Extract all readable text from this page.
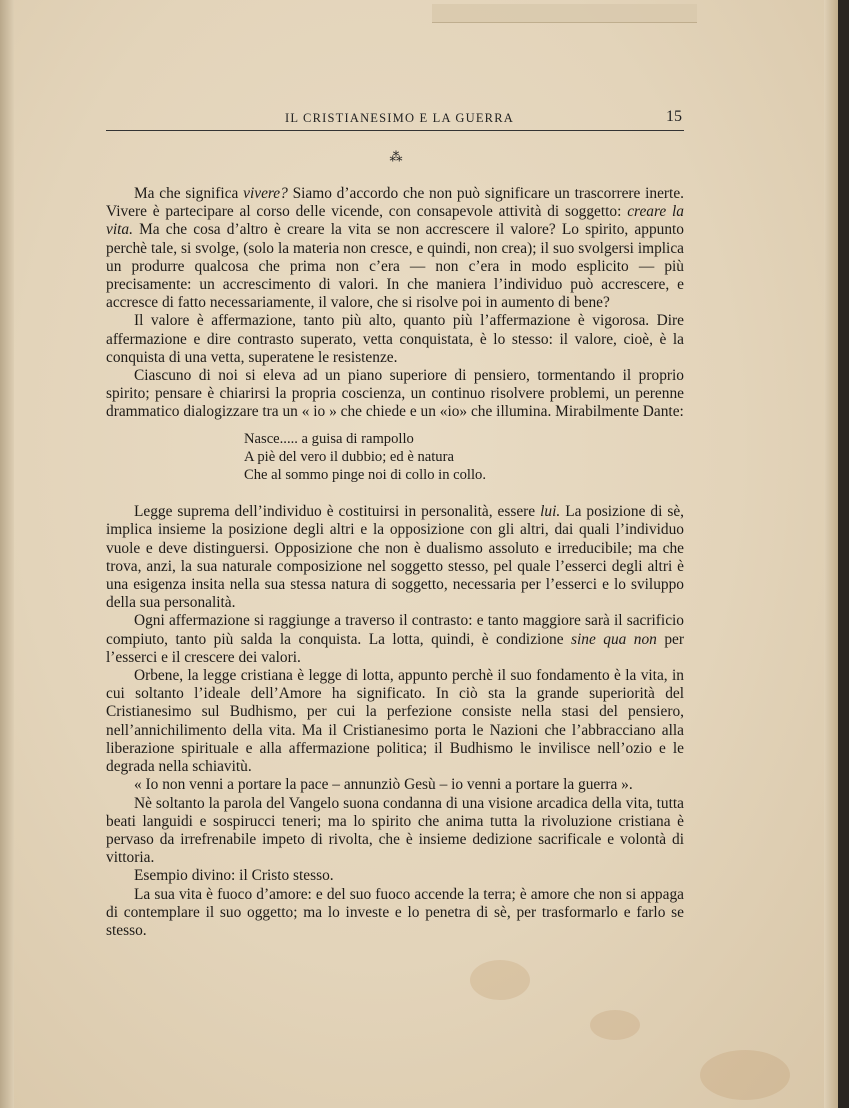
IL CRISTIANESIMO E LA GUERRA	15
⁂

Ma che significa vivere? Siamo d’accordo che non può significare un trascorrere inerte. Vivere è partecipare al corso delle vicende, con consapevole attività di soggetto: creare la vita. Ma che cosa d’altro è creare la vita se non accrescere il valore? Lo spirito, appunto perchè tale, si svolge, (solo la materia non cresce, e quindi, non crea); il suo svolgersi implica un produrre qualcosa che prima non c’era — non c’era in modo esplicito — più precisamente: un accrescimento di valori. In che maniera l’individuo può accrescere, e accresce di fatto necessariamente, il valore, che si risolve poi in aumento di bene?

Il valore è affermazione, tanto più alto, quanto più l’affermazione è vigorosa. Dire affermazione e dire contrasto superato, vetta conquistata, è lo stesso: il valore, cioè, è la conquista di una vetta, superatene le resistenze.

Ciascuno di noi si eleva ad un piano superiore di pensiero, tormentando il proprio spirito; pensare è chiarirsi la propria coscienza, un continuo risolvere problemi, un perenne drammatico dialogizzare tra un « io » che chiede e un «io» che illumina. Mirabilmente Dante:

Nasce..... a guisa di rampollo
A piè del vero il dubbio; ed è natura
Che al sommo pinge noi di collo in collo.

Legge suprema dell’individuo è costituirsi in personalità, essere lui. La posizione di sè, implica insieme la posizione degli altri e la opposizione con gli altri, dai quali l’individuo vuole e deve distinguersi. Opposizione che non è dualismo assoluto e irreducibile; ma che trova, anzi, la sua naturale composizione nel soggetto stesso, pel quale l’esserci degli altri è una esigenza insita nella sua stessa natura di soggetto, necessaria per l’esserci e lo sviluppo della sua personalità.

Ogni affermazione si raggiunge a traverso il contrasto: e tanto maggiore sarà il sacrificio compiuto, tanto più salda la conquista. La lotta, quindi, è condizione sine qua non per l’esserci e il crescere dei valori.

Orbene, la legge cristiana è legge di lotta, appunto perchè il suo fondamento è la vita, in cui soltanto l’ideale dell’Amore ha significato. In ciò sta la grande superiorità del Cristianesimo sul Budhismo, per cui la perfezione consiste nella stasi del pensiero, nell’annichilimento della vita. Ma il Cristianesimo porta le Nazioni che l’abbracciano alla liberazione spirituale e alla affermazione politica; il Budhismo le invilisce nell’ozio e le degrada nella schiavitù.

« Io non venni a portare la pace – annunziò Gesù – io venni a portare la guerra ».

Nè soltanto la parola del Vangelo suona condanna di una visione arcadica della vita, tutta beati languidi e sospirucci teneri; ma lo spirito che anima tutta la rivoluzione cristiana è pervaso da irrefrenabile impeto di rivolta, che è insieme dedizione sacrificale e volontà di vittoria.

Esempio divino: il Cristo stesso.

La sua vita è fuoco d’amore: e del suo fuoco accende la terra; è amore che non si appaga di contemplare il suo oggetto; ma lo investe e lo penetra di sè, per trasformarlo e farlo se stesso.
